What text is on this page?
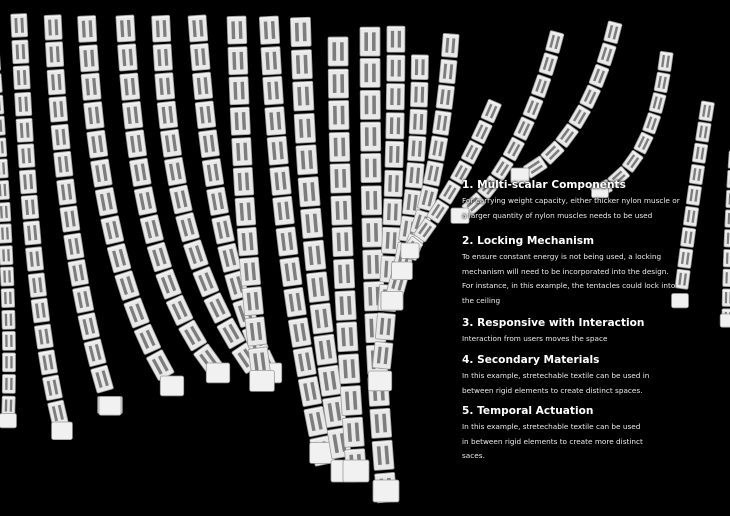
1. Multi-scalar Components

For carrying weight capacity, either thicker nylon muscle or
a larger quantity of nylon muscles needs to be used

2. Locking Mechanism

To ensure constant energy is not being used, a locking
mechanism will need to be incorporated into the design.
For instance, in this example, the tentacles could lock into
the ceiling

3. Responsive with Interaction

Interaction from users moves the space

4. Secondary Materials

In this example, stretechable textile can be used in
between rigid elements to create distinct spaces.

5. Temporal Actuation

In this example, stretechable textile can be used
in between rigid elements to create more distinct
saces.
